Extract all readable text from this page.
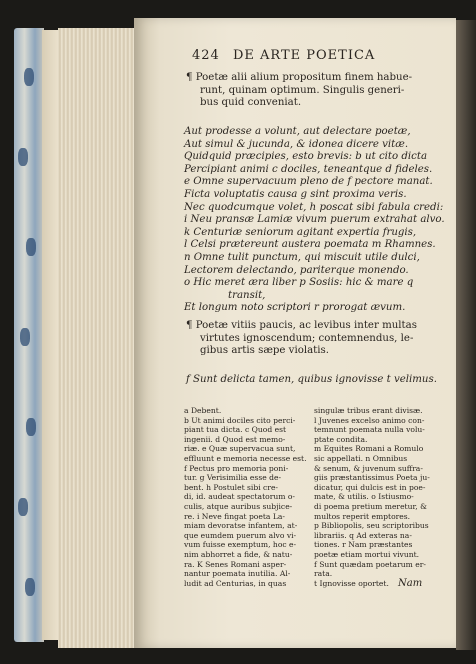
424 DE ARTE POETICA
¶ Poetæ alii alium propositum finem habue-
runt, quinam optimum. Singulis generi-
bus quid conveniat.
Aut prodesse a volunt, aut delectare poetæ,
Aut simul & jucunda, & idonea dicere vitæ.
Quidquid præcipies, esto brevis: b ut cito dicta
Percipiant animi c dociles, teneantque d fideles.
e Omne supervacuum pleno de f pectore manat.
Ficta voluptatis causa g sint proxima veris.
Nec quodcumque volet, h poscat sibi fabula credi:
i Neu pransæ Lamiæ vivum puerum extrahat alvo.
k Centuriæ seniorum agitant expertia frugis,
l Celsi prætereunt austera poemata m Rhamnes.
n Omne tulit punctum, qui miscuit utile dulci,
Lectorem delectando, pariterque monendo.
o Hic meret æra liber p Sosiis: hic & mare q
transit,
Et longum noto scriptori r prorogat ævum.
¶ Poetæ vitiis paucis, ac levibus inter multas
virtutes ignoscendum; contemnendus, le-
gibus artis sæpe violatis.
f Sunt delicta tamen, quibus ignovisse t velimus.
a Debent.
b Ut animi dociles cito perci-
piant tua dicta. c Quod est
ingenii. d Quod est memo-
riæ. e Quæ supervacua sunt,
effluunt e memoria necesse est.
f Pectus pro memoria poni-
tur. g Verisimilia esse de-
bent. h Postulet sibi cre-
di, id. audeat spectatorum o-
culis, atque auribus subjice-
re. i Neve fingat poeta La-
miam devoratse infantem, at-
que eumdem puerum alvo vi-
vum fuisse exemptum, hoc e-
nim abhorret a fide, & natu-
ra. K Senes Romani asper-
nantur poemata inutilia. Al-
ludit ad Centurias, in quas
singulæ tribus erant divisæ.
l Juvenes excelso animo con-
temnunt poemata nulla volu-
ptate condita.
m Equites Romani a Romulo
sic appellati. n Omnibus
& senum, & juvenum suffra-
giis præstantissimus Poeta ju-
dicatur, qui dulcis est in poe-
mate, & utilis. o Istiusmo-
di poema pretium meretur, &
multos reperit emptores.
p Bibliopolis, seu scriptoribus
librariis. q Ad exteras na-
tiones. r Nam præstantes
poetæ etiam mortui vivunt.
f Sunt quædam poetarum er-
rata.
t Ignovisse oportet. Nam
